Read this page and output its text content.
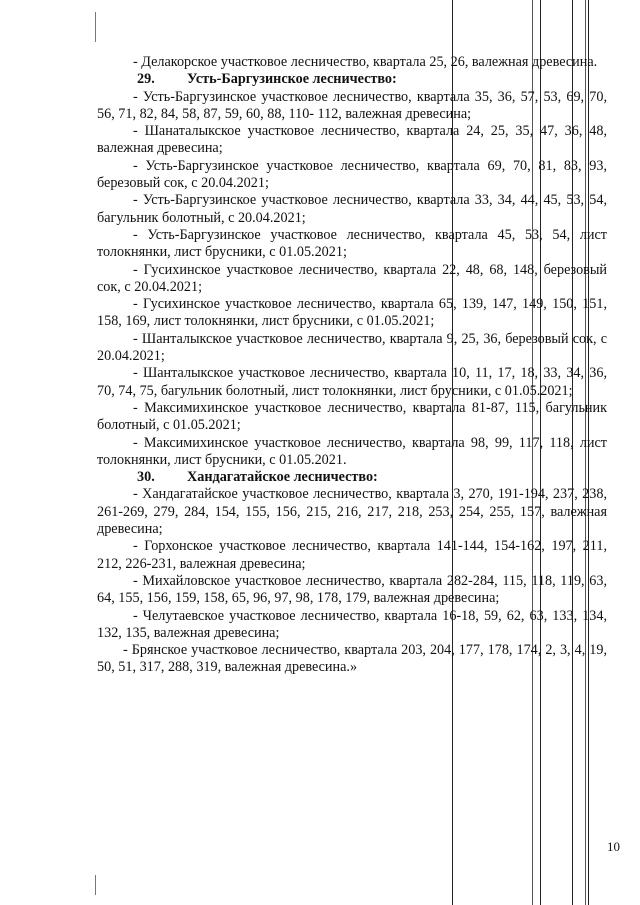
- Делакорское участковое лесничество, квартала 25, 26, валежная древесина.

29.	Усть-Баргузинское лесничество:

- Усть-Баргузинское участковое лесничество, квартала 35, 36, 57, 53, 69, 70, 56, 71, 82, 84, 58, 87, 59, 60, 88, 110- 112, валежная древесина;

- Шанаталыкское участковое лесничество, квартала 24, 25, 35, 47, 36, 48, валежная древесина;

- Усть-Баргузинское участковое лесничество, квартала 69, 70, 81, 83, 93, березовый сок, с 20.04.2021;

- Усть-Баргузинское участковое лесничество, квартала 33, 34, 44, 45, 53, 54, багульник болотный, с 20.04.2021;

- Усть-Баргузинское участковое лесничество, квартала 45, 53, 54, лист толокнянки, лист брусники, с 01.05.2021;

- Гусихинское участковое лесничество, квартала 22, 48, 68, 148, березовый сок, с 20.04.2021;

- Гусихинское участковое лесничество, квартала 65, 139, 147, 149, 150, 151, 158, 169, лист толокнянки, лист брусники, с 01.05.2021;

- Шанталыкское участковое лесничество, квартала 9, 25, 36, березовый сок, с 20.04.2021;

- Шанталыкское участковое лесничество, квартала 10, 11, 17, 18, 33, 34, 36, 70, 74, 75, багульник болотный, лист толокнянки, лист брусники, с 01.05.2021;

- Максимихинское участковое лесничество, квартала 81-87, 115, багульник болотный, с 01.05.2021;

- Максимихинское участковое лесничество, квартала 98, 99, 117, 118, лист толокнянки, лист брусники, с 01.05.2021.

30.	Хандагатайское лесничество:

- Хандагатайское участковое лесничество, квартала 3, 270, 191-194, 237, 238, 261-269, 279, 284, 154, 155, 156, 215, 216, 217, 218, 253, 254, 255, 157, валежная древесина;

- Горхонское участковое лесничество, квартала 141-144, 154-162, 197, 211, 212, 226-231, валежная древесина;

- Михайловское участковое лесничество, квартала 282-284, 115, 118, 119, 63, 64, 155, 156, 159, 158, 65, 96, 97, 98, 178, 179, валежная древесина;

- Челутаевское участковое лесничество, квартала 16-18, 59, 62, 63, 133, 134, 132, 135, валежная древесина;

- Брянское участковое лесничество, квартала 203, 204, 177, 178, 174, 2, 3, 4, 19, 50, 51, 317, 288, 319, валежная древесина.»

10
